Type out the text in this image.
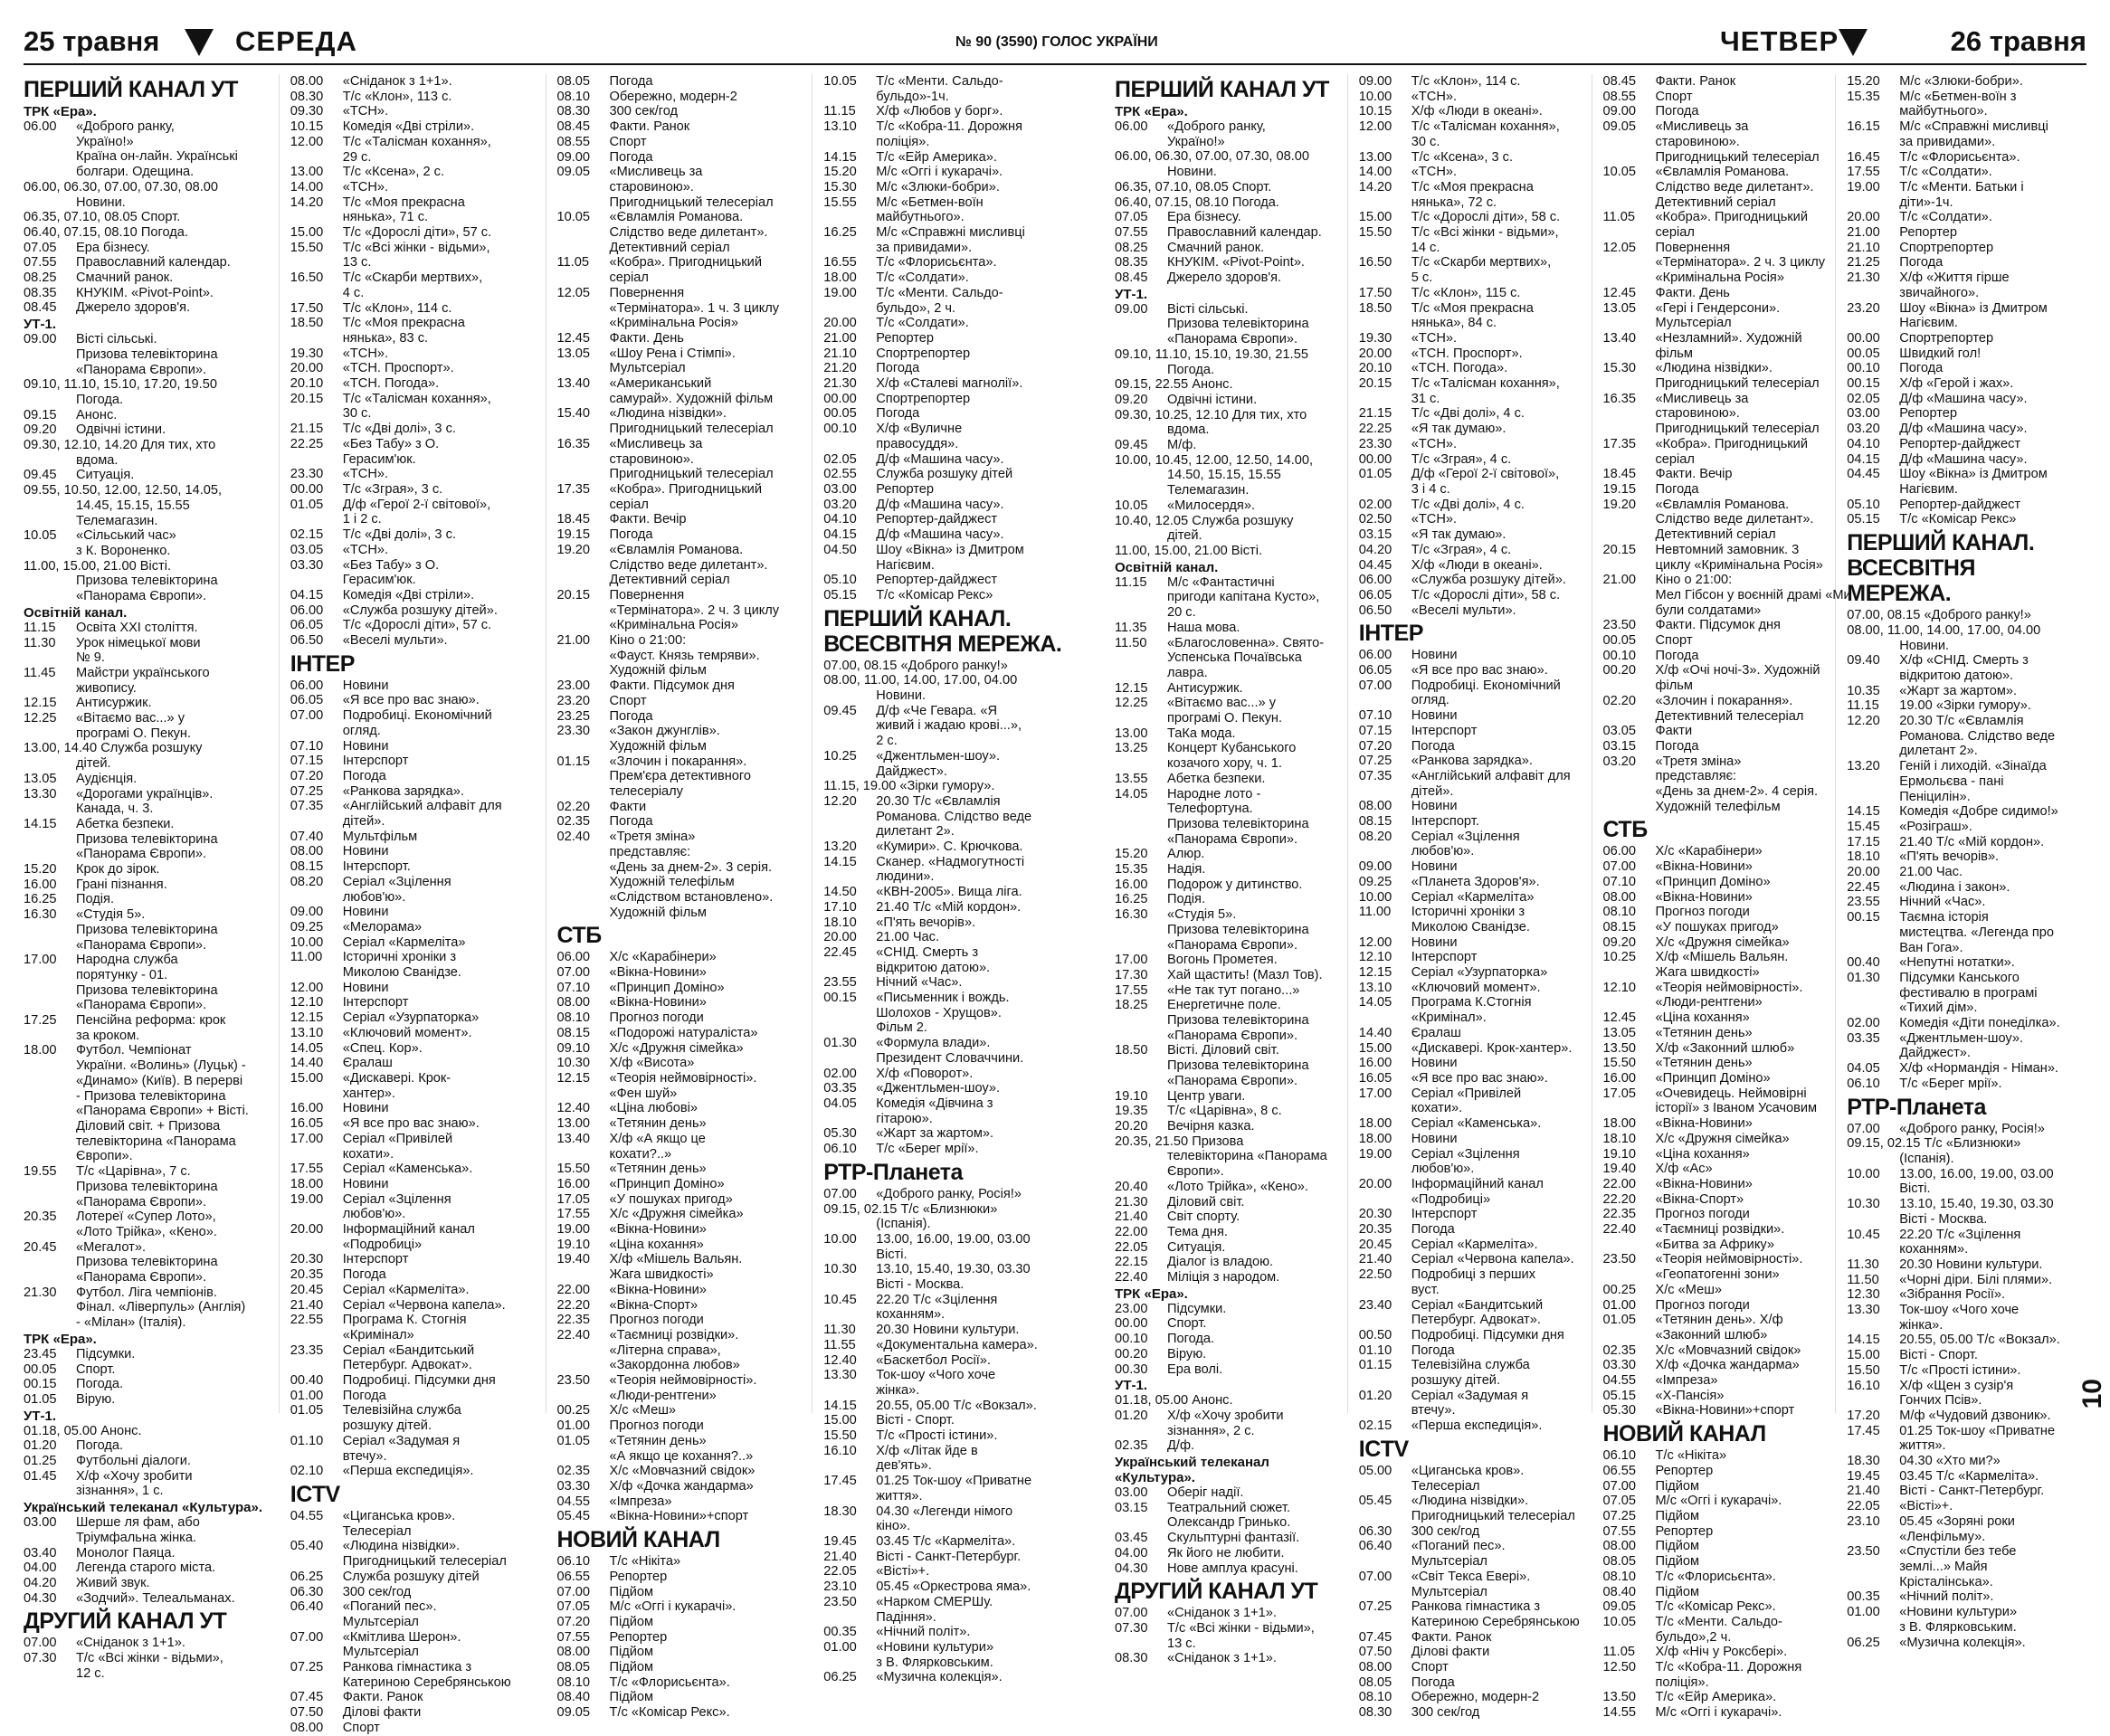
25 травня	СЕРЕДА	№ 90 (3590) ГОЛОС УКРАЇНИ	ЧЕТВЕР	26 травня
ПЕРШИЙ КАНАЛ УТ
ТРК «Ера».
06.00	«Доброго ранку,
Україно!»
Країна он-лайн. Українські
болгари. Одещина.
06.00, 06.30, 07.00, 07.30, 08.00
Новини.
06.35, 07.10, 08.05 Спорт.
06.40, 07.15, 08.10 Погода.
07.05	Ера бізнесу.
07.55	Православний календар.
08.25	Смачний ранок.
08.35	КНУКІМ. «Pivot-Point».
08.45	Джерело здоров'я.
УТ-1.
09.00	Вісті сільські.
Призова телевікторина
«Панорама Європи».
09.10, 11.10, 15.10, 17.20, 19.50
Погода.
09.15	Анонс.
09.20	Одвічні істини.
09.30, 12.10, 14.20 Для тих, хто
вдома.
09.45	Ситуація.
09.55, 10.50, 12.00, 12.50, 14.05,
14.45, 15.15, 15.55
Телемагазин.
10.05	«Сільський час»
з К. Вороненко.
11.00, 15.00, 21.00 Вісті.
Призова телевікторина
«Панорама Європи».
Освітній канал.
11.15	Освіта XXI століття.
11.30	Урок німецької мови
№ 9.
11.45	Майстри українського
живопису.
12.15	Антисуржик.
12.25	«Вітаємо вас...» у
програмі О. Пекун.
13.00, 14.40 Служба розшуку
дітей.
13.05	Аудієнція.
13.30	«Дорогами українців».
Канада, ч. 3.
14.15	Абетка безпеки.
Призова телевікторина
«Панорама Європи».
15.20	Крок до зірок.
16.00	Грані пізнання.
16.25	Подія.
16.30	«Студія 5».
Призова телевікторина
«Панорама Європи».
17.00	Народна служба
порятунку - 01.
Призова телевікторина
«Панорама Європи».
17.25	Пенсійна реформа: крок
за кроком.
18.00	Футбол. Чемпіонат
України. «Волинь» (Луцьк) -
«Динамо» (Київ). В перерві
- Призова телевікторина
«Панорама Європи» + Вісті.
Діловий світ. + Призова
телевікторина «Панорама
Європи».
19.55	Т/с «Царівна», 7 с.
Призова телевікторина
«Панорама Європи».
20.35	Лотереї «Супер Лото»,
«Лото Трійка», «Кено».
20.45	«Мегалот».
Призова телевікторина
«Панорама Європи».
21.30	Футбол. Ліга чемпіонів.
Фінал. «Ліверпуль» (Англія)
- «Мілан» (Італія).
ТРК «Ера».
23.45	Підсумки.
00.05	Спорт.
00.15	Погода.
01.05	Вірую.
УТ-1.
01.18, 05.00 Анонс.
01.20	Погода.
01.25	Футбольні діалоги.
01.45	Х/ф «Хочу зробити
зізнання», 1 с.
Український телеканал «Культура».
03.00	Шерше ля фам, або
Тріумфальна жінка.
03.40	Монолог Паяца.
04.00	Легенда старого міста.
04.20	Живий звук.
04.30	«Зодчий». Телеальманах.
ДРУГИЙ КАНАЛ УТ
07.00	«Сніданок з 1+1».
07.30	Т/с «Всі жінки - відьми»,
12 с.
08.00	«Сніданок з 1+1».
08.30	Т/с «Клон», 113 с.
09.30	«ТСН».
10.15	Комедія «Дві стріли».
12.00	Т/с «Талісман кохання»,
29 с.
13.00	Т/с «Ксена», 2 с.
14.00	«ТСН».
14.20	Т/с «Моя прекрасна
нянька», 71 с.
15.00	Т/с «Дорослі діти», 57 с.
15.50	Т/с «Всі жінки - відьми»,
13 с.
16.50	Т/с «Скарби мертвих»,
4 с.
17.50	Т/с «Клон», 114 с.
18.50	Т/с «Моя прекрасна
нянька», 83 с.
19.30	«ТСН».
20.00	«ТСН. Проспорт».
20.10	«ТСН. Погода».
20.15	Т/с «Талісман кохання»,
30 с.
21.15	Т/с «Дві долі», 3 с.
22.25	«Без Табу» з О.
Герасим'юк.
23.30	«ТСН».
00.00	Т/с «Зграя», 3 с.
01.05	Д/ф «Герої 2-ї світової»,
1 і 2 с.
02.15	Т/с «Дві долі», 3 с.
03.05	«ТСН».
03.30	«Без Табу» з О.
Герасим'юк.
04.15	Комедія «Дві стріли».
06.00	«Служба розшуку дітей».
06.05	Т/с «Дорослі діти», 57 с.
06.50	«Веселі мульти».
ІНТЕР
06.00	Новини
06.05	«Я все про вас знаю».
07.00	Подробиці. Економічний
огляд.
07.10	Новини
07.15	Інтерспорт
07.20	Погода
07.25	«Ранкова зарядка».
07.35	«Англійський алфавіт для
дітей».
07.40	Мультфільм
08.00	Новини
08.15	Інтерспорт.
08.20	Серіал «Зцілення
любов'ю».
09.00	Новини
09.25	«Мелорама»
10.00	Серіал «Кармеліта»
11.00	Історичні хроніки з
Миколою Сванідзе.
12.00	Новини
12.10	Інтерспорт
12.15	Серіал «Узурпаторка»
13.10	«Ключовий момент».
14.05	«Спец. Кор».
14.40	Єралаш
15.00	«Дискавері. Крок-
хантер».
16.00	Новини
16.05	«Я все про вас знаю».
17.00	Серіал «Привілей
кохати».
17.55	Серіал «Каменська».
18.00	Новини
19.00	Серіал «Зцілення
любов'ю».
20.00	Інформаційний канал
«Подробиці»
20.30	Інтерспорт
20.35	Погода
20.45	Серіал «Кармеліта».
21.40	Серіал «Червона капела».
22.55	Програма К. Стогнія
«Кримінал»
23.35	Серіал «Бандитський
Петербург. Адвокат».
00.40	Подробиці. Підсумки дня
01.00	Погода
01.05	Телевізійна служба
розшуку дітей.
01.10	Серіал «Задумая я
втечу».
02.10	«Перша експедиція».
ICTV
04.55	«Циганська кров».
Телесеріал
05.40	«Людина нізвідки».
Пригодницький телесеріал
06.25	Служба розшуку дітей
06.30	300 сек/год
06.40	«Поганий пес».
Мультсеріал
07.00	«Кмітлива Шерон».
Мультсеріал
07.25	Ранкова гімнастика з
Катериною Серебрянською
07.45	Факти. Ранок
07.50	Ділові факти
08.00	Спорт
08.05	Погода
08.10	Обережно, модерн-2
08.30	300 сек/год
08.45	Факти. Ранок
08.55	Спорт
09.00	Погода
09.05	«Мисливець за
старовиною».
Пригодницький телесеріал
10.05	«Євламлія Романова.
Слідство веде дилетант».
Детективний серіал
11.05	«Кобра». Пригодницький
серіал
12.05	Повернення
«Термінатора». 1 ч. 3 циклу
«Кримінальна Росія»
12.45	Факти. День
13.05	«Шоу Рена і Стімпі».
Мультсеріал
13.40	«Американський
самурай». Художній фільм
15.40	«Людина нізвідки».
Пригодницький телесеріал
16.35	«Мисливець за
старовиною».
Пригодницький телесеріал
17.35	«Кобра». Пригодницький
серіал
18.45	Факти. Вечір
19.15	Погода
19.20	«Євламлія Романова.
Слідство веде дилетант».
Детективний серіал
20.15	Повернення
«Термінатора». 2 ч. 3 циклу
«Кримінальна Росія»
21.00	Кіно о 21:00:
«Фауст. Князь темряви».
Художній фільм
23.00	Факти. Підсумок дня
23.20	Спорт
23.25	Погода
23.30	«Закон джунглів».
Художній фільм
01.15	«Злочин і покарання».
Прем'єра детективного
телесеріалу
02.20	Факти
02.35	Погода
02.40	«Третя зміна»
представляє:
«День за днем-2». 3 серія.
Художній телефільм
«Слідством встановлено».
Художній фільм
СТБ
06.00	Х/с «Карабінери»
07.00	«Вікна-Новини»
07.10	«Принцип Доміно»
08.00	«Вікна-Новини»
08.10	Прогноз погоди
08.15	«Подорожі натураліста»
09.10	Х/с «Дружня сімейка»
10.30	Х/ф «Висота»
12.15	«Теорія неймовірності».
«Фен шуй»
12.40	«Ціна любові»
13.00	«Тетянин день»
13.40	Х/ф «А якщо це
кохати?..»
15.50	«Тетянин день»
16.00	«Принцип Доміно»
17.05	«У пошуках пригод»
17.55	Х/с «Дружня сімейка»
19.00	«Вікна-Новини»
19.10	«Ціна кохання»
19.40	Х/ф «Мішель Вальян.
Жага швидкості»
22.00	«Вікна-Новини»
22.20	«Вікна-Спорт»
22.35	Прогноз погоди
22.40	«Таємниці розвідки».
«Літерна справа»,
«Закордонна любов»
23.50	«Теорія неймовірності».
«Люди-рентгени»
00.25	Х/с «Меш»
01.00	Прогноз погоди
01.05	«Тетянин день»
«А якщо це кохання?..»
02.35	Х/с «Мовчазний свідок»
03.30	Х/ф «Дочка жандарма»
04.55	«Імпреза»
05.45	«Вікна-Новини»+спорт
НОВИЙ КАНАЛ
06.10	Т/с «Нікіта»
06.55	Репортер
07.00	Підйом
07.05	М/с «Оггі і кукарачі».
07.20	Підйом
07.55	Репортер
08.00	Підйом
08.05	Підйом
08.10	Т/с «Флорисьєнта».
08.40	Підйом
09.05	Т/с «Комісар Рекс».
10.05	Т/с «Менти. Сальдо-
бульдо»-1ч.
11.15	Х/ф «Любов у борг».
13.10	Т/с «Кобра-11. Дорожня
поліція».
14.15	Т/с «Ейр Америка».
15.20	М/с «Оггі і кукарачі».
15.30	М/с «Злюки-бобри».
15.55	М/с «Бетмен-воїн
майбутнього».
16.25	М/с «Справжні мисливці
за привидами».
16.55	Т/с «Флорисьєнта».
18.00	Т/с «Солдати».
19.00	Т/с «Менти. Сальдо-
бульдо», 2 ч.
20.00	Т/с «Солдати».
21.00	Репортер
21.10	Спортрепортер
21.20	Погода
21.30	Х/ф «Сталеві магнолії».
00.00	Спортрепортер
00.05	Погода
00.10	Х/ф «Вуличне
правосуддя».
02.05	Д/ф «Машина часу».
02.55	Служба розшуку дітей
03.00	Репортер
03.20	Д/ф «Машина часу».
04.10	Репортер-дайджест
04.15	Д/ф «Машина часу».
04.50	Шоу «Вікна» із Дмитром
Нагієвим.
05.10	Репортер-дайджест
05.15	Т/с «Комісар Рекс»
ПЕРШИЙ КАНАЛ. ВСЕСВІТНЯ МЕРЕЖА.
07.00, 08.15 «Доброго ранку!»
08.00, 11.00, 14.00, 17.00, 04.00
Новини.
09.45	Д/ф «Че Гевара. «Я
живий і жадаю крові...»,
2 с.
10.25	«Джентльмен-шоу».
Дайджест».
11.15, 19.00 «Зірки гумору».
12.20	20.30 Т/с «Євламлія
Романова. Слідство веде
дилетант 2».
13.20	«Кумири». С. Крючкова.
14.15	Сканер. «Надмогутності
людини».
14.50	«КВН-2005». Вища ліга.
17.10	21.40 Т/с «Мій кордон».
18.10	«П'ять вечорів».
20.00	21.00 Час.
22.45	«СНІД. Смерть з
відкритою датою».
23.55	Нічний «Час».
00.15	«Письменник і вождь.
Шолохов - Хрущов».
Фільм 2.
01.30	«Формула влади».
Президент Словаччини.
02.00	Х/ф «Поворот».
03.35	«Джентльмен-шоу».
04.05	Комедія «Дівчина з
гітарою».
05.30	«Жарт за жартом».
06.10	Т/с «Берег мрії».
РТР-Планета
07.00	«Доброго ранку, Росія!»
09.15, 02.15 Т/с «Близнюки»
(Іспанія).
10.00	13.00, 16.00, 19.00, 03.00
Вісті.
10.30	13.10, 15.40, 19.30, 03.30
Вісті - Москва.
10.45	22.20 Т/с «Зцілення
коханням».
11.30	20.30 Новини культури.
11.55	«Документальна камера».
12.40	«Баскетбол Росії».
13.30	Ток-шоу «Чого хоче
жінка».
14.15	20.55, 05.00 Т/с «Вокзал».
15.00	Вісті - Спорт.
15.50	Т/с «Прості істини».
16.10	Х/ф «Літак йде в
дев'ять».
17.45	01.25 Ток-шоу «Приватне
життя».
18.30	04.30 «Легенди німого
кіно».
19.45	03.45 Т/с «Кармеліта».
21.40	Вісті - Санкт-Петербург.
22.05	«Вісті»+.
23.10	05.45 «Оркестрова яма».
23.50	«Нарком СМЕРШу.
Падіння».
00.35	«Нічний політ».
01.00	«Новини культури»
з В. Флярковським.
06.25	«Музична колекція».
ПЕРШИЙ КАНАЛ УТ
ТРК «Ера».
06.00	«Доброго ранку,
Україно!»
06.00, 06.30, 07.00, 07.30, 08.00
Новини.
06.35, 07.10, 08.05 Спорт.
06.40, 07.15, 08.10 Погода.
07.05	Ера бізнесу.
07.55	Православний календар.
08.25	Смачний ранок.
08.35	КНУКІМ. «Pivot-Point».
08.45	Джерело здоров'я.
УТ-1.
09.00	Вісті сільські.
Призова телевікторина
«Панорама Європи».
09.10, 11.10, 15.10, 19.30, 21.55
Погода.
09.15, 22.55 Анонс.
09.20	Одвічні істини.
09.30, 10.25, 12.10 Для тих, хто
вдома.
09.45	М/ф.
10.00, 10.45, 12.00, 12.50, 14.00,
14.50, 15.15, 15.55
Телемагазин.
10.05	«Милосердя».
10.40, 12.05 Служба розшуку
дітей.
11.00, 15.00, 21.00 Вісті.
Освітній канал.
11.15	М/с «Фантастичні
пригоди капітана Кусто»,
20 с.
11.35	Наша мова.
11.50	«Благословенна». Свято-
Успенська Почаївська
лавра.
12.15	Антисуржик.
12.25	«Вітаємо вас...» у
програмі О. Пекун.
13.00	ТаКа мода.
13.25	Концерт Кубанського
козачого хору, ч. 1.
13.55	Абетка безпеки.
14.05	Народне лото -
Телефортуна.
Призова телевікторина
«Панорама Європи».
15.20	Алюр.
15.35	Надія.
16.00	Подорож у дитинство.
16.25	Подія.
16.30	«Студія 5».
Призова телевікторина
«Панорама Європи».
17.00	Вогонь Прометея.
17.30	Хай щастить! (Мазл Тов).
17.55	«Не так тут погано...»
18.25	Енергетичне поле.
Призова телевікторина
«Панорама Європи».
18.50	Вісті. Діловий світ.
Призова телевікторина
«Панорама Європи».
19.10	Центр уваги.
19.35	Т/с «Царівна», 8 с.
20.20	Вечірня казка.
20.35, 21.50 Призова
телевікторина «Панорама
Європи».
20.40	«Лото Трійка», «Кено».
21.30	Діловий світ.
21.40	Світ спорту.
22.00	Тема дня.
22.05	Ситуація.
22.15	Діалог із владою.
22.40	Міліція з народом.
ТРК «Ера».
23.00	Підсумки.
00.00	Спорт.
00.10	Погода.
00.20	Вірую.
00.30	Ера волі.
УТ-1.
01.18, 05.00 Анонс.
01.20	Х/ф «Хочу зробити
зізнання», 2 с.
02.35	Д/ф.
Український телеканал «Культура».
03.00	Оберіг надії.
03.15	Театральний сюжет.
Олександр Гринько.
03.45	Скульптурні фантазії.
04.00	Як його не любити.
04.30	Нове амплуа красуні.
ДРУГИЙ КАНАЛ УТ
07.00	«Сніданок з 1+1».
07.30	Т/с «Всі жінки - відьми»,
13 с.
08.30	«Сніданок з 1+1».
09.00	Т/с «Клон», 114 с.
10.00	«ТСН».
10.15	Х/ф «Люди в океані».
12.00	Т/с «Талісман кохання»,
30 с.
13.00	Т/с «Ксена», 3 с.
14.00	«ТСН».
14.20	Т/с «Моя прекрасна
нянька», 72 с.
15.00	Т/с «Дорослі діти», 58 с.
15.50	Т/с «Всі жінки - відьми»,
14 с.
16.50	Т/с «Скарби мертвих»,
5 с.
17.50	Т/с «Клон», 115 с.
18.50	Т/с «Моя прекрасна
нянька», 84 с.
19.30	«ТСН».
20.00	«ТСН. Проспорт».
20.10	«ТСН. Погода».
20.15	Т/с «Талісман кохання»,
31 с.
21.15	Т/с «Дві долі», 4 с.
22.25	«Я так думаю».
23.30	«ТСН».
00.00	Т/с «Зграя», 4 с.
01.05	Д/ф «Герої 2-ї світової»,
3 і 4 с.
02.00	Т/с «Дві долі», 4 с.
02.50	«ТСН».
03.15	«Я так думаю».
04.20	Т/с «Зграя», 4 с.
04.45	Х/ф «Люди в океані».
06.00	«Служба розшуку дітей».
06.05	Т/с «Дорослі діти», 58 с.
06.50	«Веселі мульти».
ІНТЕР
06.00	Новини
06.05	«Я все про вас знаю».
07.00	Подробиці. Економічний
огляд.
07.10	Новини
07.15	Інтерспорт
07.20	Погода
07.25	«Ранкова зарядка».
07.35	«Англійський алфавіт для
дітей».
08.00	Новини
08.15	Інтерспорт.
08.20	Серіал «Зцілення
любов'ю».
09.00	Новини
09.25	«Планета Здоров'я».
10.00	Серіал «Кармеліта»
11.00	Історичні хроніки з
Миколою Сванідзе.
12.00	Новини
12.10	Інтерспорт
12.15	Серіал «Узурпаторка»
13.10	«Ключовий момент».
14.05	Програма К.Стогнія
«Кримінал».
14.40	Єралаш
15.00	«Дискавері. Крок-хантер».
16.00	Новини
16.05	«Я все про вас знаю».
17.00	Серіал «Привілей
кохати».
18.00	Серіал «Каменська».
18.00	Новини
19.00	Серіал «Зцілення
любов'ю».
20.00	Інформаційний канал
«Подробиці»
20.30	Інтерспорт
20.35	Погода
20.45	Серіал «Кармеліта».
21.40	Серіал «Червона капела».
22.50	Подробиці з перших
вуст.
23.40	Серіал «Бандитський
Петербург. Адвокат».
00.50	Подробиці. Підсумки дня
01.10	Погода
01.15	Телевізійна служба
розшуку дітей.
01.20	Серіал «Задумая я
втечу».
02.15	«Перша експедиція».
ICTV
05.00	«Циганська кров».
Телесеріал
05.45	«Людина нізвідки».
Пригодницький телесеріал
06.30	300 сек/год
06.40	«Поганий пес».
Мультсеріал
07.00	«Світ Текса Евері».
Мультсеріал
07.25	Ранкова гімнастика з
Катериною Серебрянською
07.45	Факти. Ранок
07.50	Ділові факти
08.00	Спорт
08.05	Погода
08.10	Обережно, модерн-2
08.30	300 сек/год
08.45	Факти. Ранок
08.55	Спорт
09.00	Погода
09.05	«Мисливець за
старовиною».
Пригодницький телесеріал
10.05	«Євламлія Романова.
Слідство веде дилетант».
Детективний серіал
11.05	«Кобра». Пригодницький
серіал
12.05	Повернення
«Термінатора». 2 ч. 3 циклу
«Кримінальна Росія»
12.45	Факти. День
13.05	«Гері і Гендерсони».
Мультсеріал
13.40	«Незламний». Художній
фільм
15.30	«Людина нізвідки».
Пригодницький телесеріал
16.35	«Мисливець за
старовиною».
Пригодницький телесеріал
17.35	«Кобра». Пригодницький
серіал
18.45	Факти. Вечір
19.15	Погода
19.20	«Євламлія Романова.
Слідство веде дилетант».
Детективний серіал
20.15	Невтомний замовник. 3
циклу «Кримінальна Росія»
21.00	Кіно о 21:00:
Мел Гібсон у воєнній драмі «Ми
були солдатами»
23.50	Факти. Підсумок дня
00.05	Спорт
00.10	Погода
00.20	Х/ф «Очі ночі-3». Художній
фільм
02.20	«Злочин і покарання».
Детективний телесеріал
03.05	Факти
03.15	Погода
03.20	«Третя зміна»
представляє:
«День за днем-2». 4 серія.
Художній телефільм
СТБ
06.00	Х/с «Карабінери»
07.00	«Вікна-Новини»
07.10	«Принцип Доміно»
08.00	«Вікна-Новини»
08.10	Прогноз погоди
08.15	«У пошуках пригод»
09.20	Х/с «Дружня сімейка»
10.25	Х/ф «Мішель Вальян.
Жага швидкості»
12.10	«Теорія неймовірності».
«Люди-рентгени»
12.45	«Ціна кохання»
13.05	«Тетянин день»
13.50	Х/ф «Законний шлюб»
15.50	«Тетянин день»
16.00	«Принцип Доміно»
17.05	«Очевидець. Неймовірні
історії» з Іваном Усачовим
18.00	«Вікна-Новини»
18.10	Х/с «Дружня сімейка»
19.10	«Ціна кохання»
19.40	Х/ф «Ас»
22.00	«Вікна-Новини»
22.20	«Вікна-Спорт»
22.35	Прогноз погоди
22.40	«Таємниці розвідки».
«Битва за Африку»
23.50	«Теорія неймовірності».
«Геопатогенні зони»
00.25	Х/с «Меш»
01.00	Прогноз погоди
01.05	«Тетянин день». Х/ф
«Законний шлюб»
02.35	Х/с «Мовчазний свідок»
03.30	Х/ф «Дочка жандарма»
04.55	«Імпреза»
05.15	«Х-Пансія»
05.30	«Вікна-Новини»+спорт
НОВИЙ КАНАЛ
06.10	Т/с «Нікіта»
06.55	Репортер
07.00	Підйом
07.05	М/с «Оггі і кукарачі».
07.25	Підйом
07.55	Репортер
08.00	Підйом
08.05	Підйом
08.10	Т/с «Флорисьєнта».
08.40	Підйом
09.05	Т/с «Комісар Рекс».
10.05	Т/с «Менти. Сальдо-
бульдо»,2 ч.
11.05	Х/ф «Ніч у Роксбері».
12.50	Т/с «Кобра-11. Дорожня
поліція».
13.50	Т/с «Ейр Америка».
14.55	М/с «Оггі і кукарачі».
15.20	М/с «Злюки-бобри».
15.35	М/с «Бетмен-воїн з
майбутнього».
16.15	М/с «Справжні мисливці
за привидами».
16.45	Т/с «Флорисьєнта».
17.55	Т/с «Солдати».
19.00	Т/с «Менти. Батьки і
діти»-1ч.
20.00	Т/с «Солдати».
21.00	Репортер
21.10	Спортрепортер
21.25	Погода
21.30	Х/ф «Життя гірше
звичайного».
23.20	Шоу «Вікна» із Дмитром
Нагієвим.
00.00	Спортрепортер
00.05	Швидкий гол!
00.10	Погода
00.15	Х/ф «Герой і жах».
02.05	Д/ф «Машина часу».
03.00	Репортер
03.20	Д/ф «Машина часу».
04.10	Репортер-дайджест
04.15	Д/ф «Машина часу».
04.45	Шоу «Вікна» із Дмитром
Нагієвим.
05.10	Репортер-дайджест
05.15	Т/с «Комісар Рекс»
ПЕРШИЙ КАНАЛ. ВСЕСВІТНЯ МЕРЕЖА.
07.00, 08.15 «Доброго ранку!»
08.00, 11.00, 14.00, 17.00, 04.00
Новини.
09.40	Х/ф «СНІД. Смерть з
відкритою датою».
10.35	«Жарт за жартом».
11.15	19.00 «Зірки гумору».
12.20	20.30 Т/с «Євламлія
Романова. Слідство веде
дилетант 2».
13.20	Геній і лиходій. «Зінаїда
Ермольєва - пані
Пеніцилін».
14.15	Комедія «Добре сидимо!»
15.45	«Розіграш».
17.15	21.40 Т/с «Мій кордон».
18.10	«П'ять вечорів».
20.00	21.00 Час.
22.45	«Людина і закон».
23.55	Нічний «Час».
00.15	Таємна історія
мистецтва. «Легенда про
Ван Гога».
00.40	«Непутні нотатки».
01.30	Підсумки Канського
фестивалю в програмі
«Тихий дім».
02.00	Комедія «Діти понеділка».
03.35	«Джентльмен-шоу».
Дайджест».
04.05	Х/ф «Нормандія - Німан».
06.10	Т/с «Берег мрії».
РТР-Планета
07.00	«Доброго ранку, Росія!»
09.15, 02.15 Т/с «Близнюки»
(Іспанія).
10.00	13.00, 16.00, 19.00, 03.00
Вісті.
10.30	13.10, 15.40, 19.30, 03.30
Вісті - Москва.
10.45	22.20 Т/с «Зцілення
коханням».
11.30	20.30 Новини культури.
11.50	«Чорні діри. Білі плями».
12.30	«Зібрання Росії».
13.30	Ток-шоу «Чого хоче
жінка».
14.15	20.55, 05.00 Т/с «Вокзал».
15.00	Вісті - Спорт.
15.50	Т/с «Прості істини».
16.10	Х/ф «Щен з сузір'я
Гончих Псів».
17.20	М/ф «Чудовий дзвоник».
17.45	01.25 Ток-шоу «Приватне
життя».
18.30	04.30 «Хто ми?»
19.45	03.45 Т/с «Кармеліта».
21.40	Вісті - Санкт-Петербург.
22.05	«Вісті»+.
23.10	05.45 «Зоряні роки
«Ленфільму».
23.50	«Спустіли без тебе
землі...» Майя
Крісталінська».
00.35	«Нічний політ».
01.00	«Новини культури»
з В. Флярковським.
06.25	«Музична колекція».
10
